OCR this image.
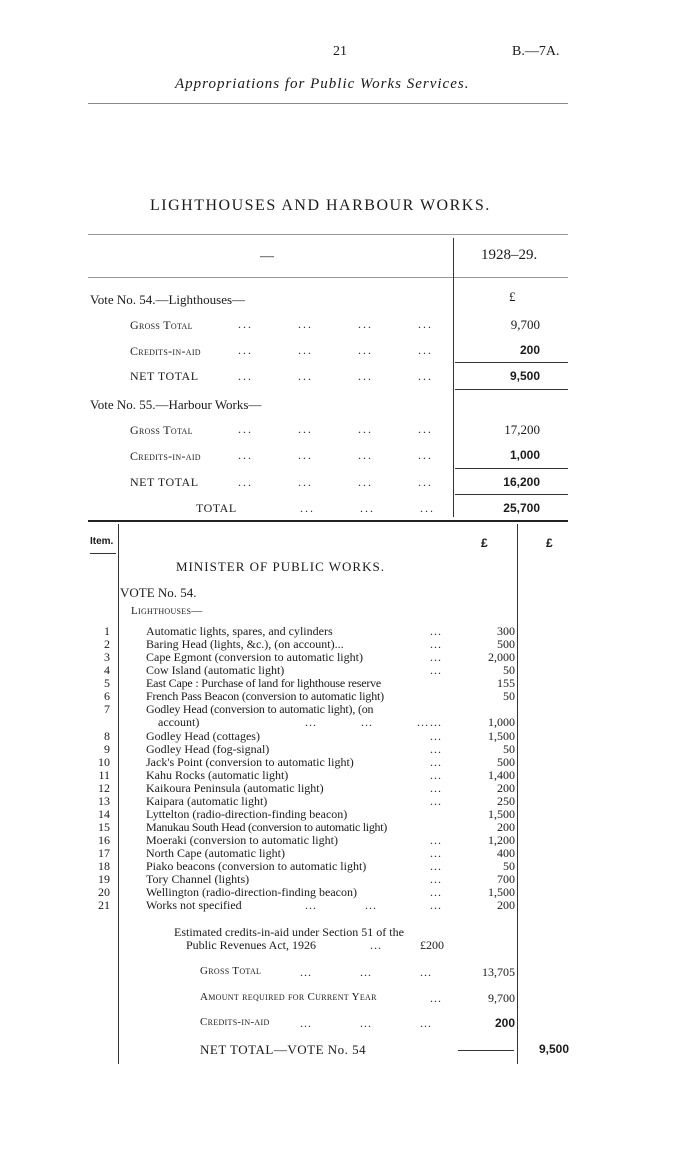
21	B.—7A.
Appropriations for Public Works Services.
LIGHTHOUSES AND HARBOUR WORKS.
—	1928–29.
£
Vote No. 54.—Lighthouses—
Gross Total	...         ...         ...         ...	9,700
Credits-in-aid	...         ...         ...         ...	200
NET TOTAL	...         ...         ...         ...	9,500
Vote No. 55.—Harbour Works—
Gross Total	...         ...         ...         ...	17,200
Credits-in-aid	...         ...         ...         ...	1,000
NET TOTAL	...         ...         ...         ...	16,200
TOTAL	...         ...         ...	25,700
Item.	£	£
MINISTER OF PUBLIC WORKS.
VOTE No. 54.
Lighthouses—
1	Automatic lights, spares, and cylinders	...	300
2	Baring Head (lights, &c.), (on account)...	...	500
3	Cape Egmont (conversion to automatic light)	...	2,000
4	Cow Island (automatic light)	...	50
5	East Cape : Purchase of land for lighthouse reserve	155
6	French Pass Beacon (conversion to automatic light)	50
7	Godley Head (conversion to automatic light), (on
account)	...           ...           ... ...	1,000
8	Godley Head (cottages)	...	1,500
9	Godley Head (fog-signal)	...	50
10	Jack's Point (conversion to automatic light)	...	500
11	Kahu Rocks (automatic light)	...	1,400
12	Kaikoura Peninsula (automatic light)	...	200
13	Kaipara (automatic light)	...	250
14	Lyttelton (radio-direction-finding beacon)	1,500
15	Manukau South Head (conversion to automatic light)	200
16	Moeraki (conversion to automatic light)	...	1,200
17	North Cape (automatic light)	...	400
18	Piako beacons (conversion to automatic light)	...	50
19	Tory Channel (lights)	...	700
20	Wellington (radio-direction-finding beacon)	...	1,500
21	Works not specified	...            ...	...	200
Estimated credits-in-aid under Section 51 of the
Public Revenues Act, 1926	...	£200
Gross Total	...            ...            ...	13,705
Amount required for Current Year	...	9,700
Credits-in-aid	...            ...            ...	200
NET TOTAL—VOTE No. 54	9,500
